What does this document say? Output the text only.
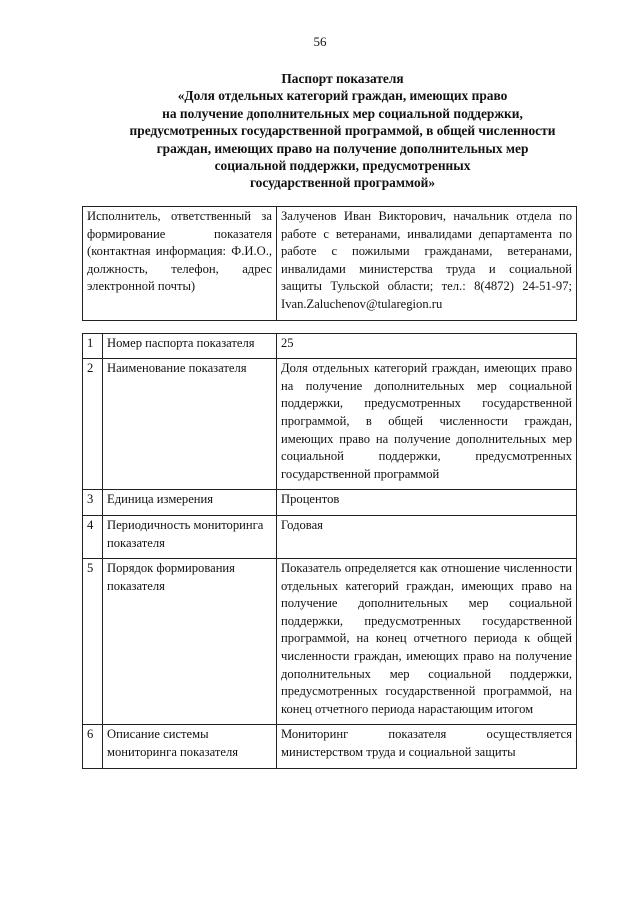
56
Паспорт показателя
«Доля отдельных категорий граждан, имеющих право
на получение дополнительных мер социальной поддержки,
предусмотренных государственной программой, в общей численности
граждан, имеющих право на получение дополнительных мер
социальной поддержки, предусмотренных
государственной программой»
Исполнитель, ответственный за формирование показателя (контактная информация: Ф.И.О., должность, телефон, адрес электронной почты)		Залученов Иван Викторович, начальник отдела по работе с ветеранами, инвалидами департамента по работе с пожилыми гражданами, ветеранами, инвалидами министерства труда и социальной защиты Тульской области; тел.: 8(4872) 24-51-97; Ivan.Zaluchenov@tularegion.ru

1	Номер паспорта показателя	25
2	Наименование показателя	Доля отдельных категорий граждан, имеющих право на получение дополнительных мер социальной поддержки, предусмотренных государственной программой, в общей численности граждан, имеющих право на получение дополнительных мер социальной поддержки, предусмотренных государственной программой
3	Единица измерения	Процентов
4	Периодичность мониторинга показателя	Годовая
5	Порядок формирования показателя	Показатель определяется как отношение численности отдельных категорий граждан, имеющих право на получение дополнительных мер социальной поддержки, предусмотренных государственной программой, на конец отчетного периода к общей численности граждан, имеющих право на получение дополнительных мер социальной поддержки, предусмотренных государственной программой, на конец отчетного периода нарастающим итогом
6	Описание системы мониторинга показателя	Мониторинг показателя осуществляется министерством труда и социальной защиты
